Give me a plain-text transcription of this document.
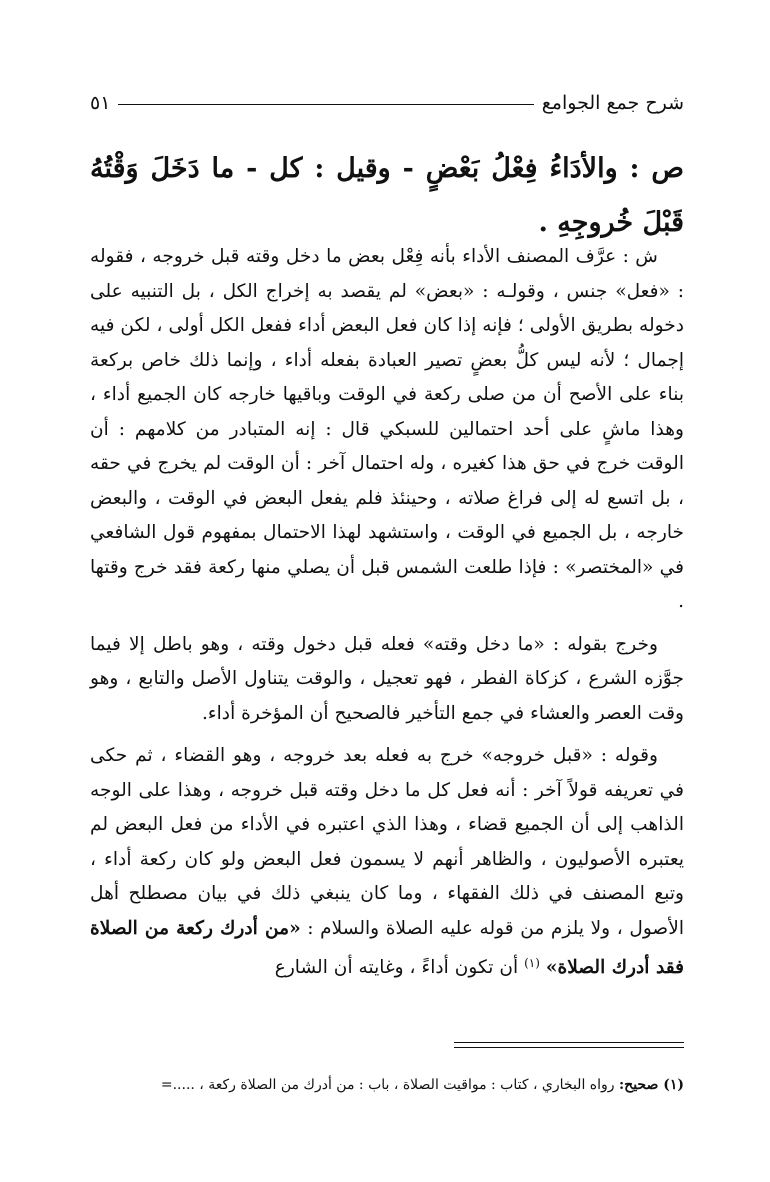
شرح جمع الجوامع
٥١
ص : والأدَاءُ فِعْلُ بَعْضٍ - وقيل : كل - ما دَخَلَ وَقْتُهُ قَبْلَ خُروجِهِ .

ش : عرَّف المصنف الأداء بأنه فِعْل بعض ما دخل وقته قبل خروجه ، فقوله : «فعل» جنس ، وقولـه : «بعض» لم يقصد به إخراج الكل ، بل التنبيه على دخوله بطريق الأولى ؛ فإنه إذا كان فعل البعض أداء ففعل الكل أولى ، لكن فيه إجمال ؛ لأنه ليس كلُّ بعضٍ تصير العبادة بفعله أداء ، وإنما ذلك خاص بركعة بناء على الأصح أن من صلى ركعة في الوقت وباقيها خارجه كان الجميع أداء ، وهذا ماشٍ على أحد احتمالين للسبكي قال : إنه المتبادر من كلامهم : أن الوقت خرج في حق هذا كغيره ، وله احتمال آخر : أن الوقت لم يخرج في حقه ، بل اتسع له إلى فراغ صلاته ، وحينئذ فلم يفعل البعض في الوقت ، والبعض خارجه ، بل الجميع في الوقت ، واستشهد لهذا الاحتمال بمفهوم قول الشافعي في «المختصر» : فإذا طلعت الشمس قبل أن يصلي منها ركعة فقد خرج وقتها .

وخرج بقوله : «ما دخل وقته» فعله قبل دخول وقته ، وهو باطل إلا فيما جوَّزه الشرع ، كزكاة الفطر ، فهو تعجيل ، والوقت يتناول الأصل والتابع ، وهو وقت العصر والعشاء في جمع التأخير فالصحيح أن المؤخرة أداء.

وقوله : «قبل خروجه» خرج به فعله بعد خروجه ، وهو القضاء ، ثم حكى في تعريفه قولاً آخر : أنه فعل كل ما دخل وقته قبل خروجه ، وهذا على الوجه الذاهب إلى أن الجميع قضاء ، وهذا الذي اعتبره في الأداء من فعل البعض لم يعتبره الأصوليون ، والظاهر أنهم لا يسمون فعل البعض ولو كان ركعة أداء ، وتبع المصنف في ذلك الفقهاء ، وما كان ينبغي ذلك في بيان مصطلح أهل الأصول ، ولا يلزم من قوله عليه الصلاة والسلام : «من أدرك ركعة من الصلاة فقد أدرك الصلاة» $^{(١)}$ أن تكون أداءً ، وغايته أن الشارع

(١) صحيح: رواه البخاري ، كتاب : مواقيت الصلاة ، باب : من أدرك من الصلاة ركعة ، .....=
